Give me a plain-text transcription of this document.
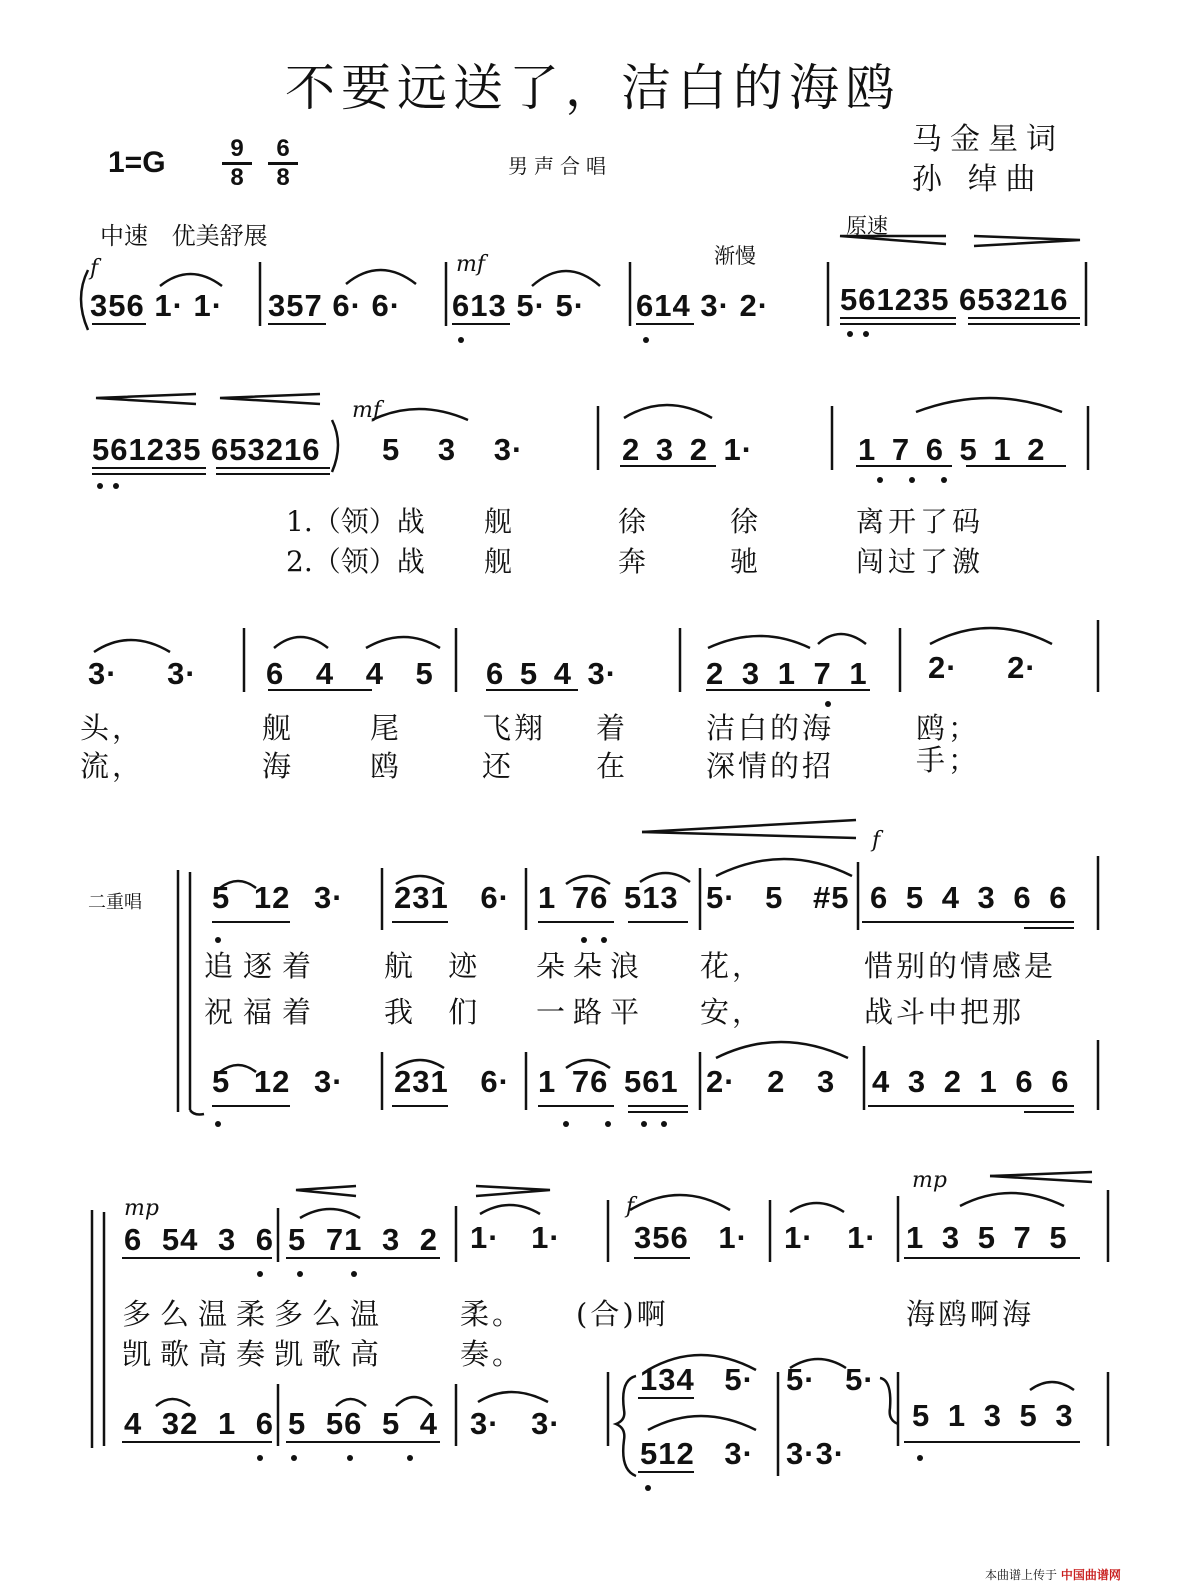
不要远送了，洁白的海鸥
$1=G \frac{9}{8} \frac{6}{8}$	男声合唱
马金星词
孙 绰曲
中速 优美舒展
渐慢
原速
f	mf
356 1· 1· 357 6· 6· 613 5· 5· 614 3· 2· 561235 653216
561235 653216
mf
5 3 3·	2 3 2 1·	1 7 6 5 1 2
1.（领）战 舰	徐	徐	离开了码
2.（领）战 舰	奔	驰	闯过了激
3· 3· 6 4 4 5 6 5 4 3·	2 3 1 7 1 2· 2·
头，	舰	尾	飞翔 着	洁白的海	鸥；
流，	海	鸥	还	在	深情的招	手；
二重唱
f
5 12 3· 231 6· 1 76 513 5· 5 #5 6 5 4 3 6 6
追逐着 航 迹 朵朵浪 花，	惜别的情感是
祝福着 我 们 一路平 安，	战斗中把那
5 12 3· 231 6· 1 76 561 2· 2 3 4 3 2 1 6 6
mp	f
mp
6 54 3 6 5 71 3 2 1· 1· 356 1· 1· 1· 1 3 5 7 5
多么温柔多么温 柔。 (合)啊	海鸥啊海
凯歌高奏凯歌高 奏。
4 32 1 6 5 56 5 4 3· 3·
134 5· 5· 5·
512 3· 3·3·
5 1 3 5 3
本曲谱上传于 中国曲谱网
